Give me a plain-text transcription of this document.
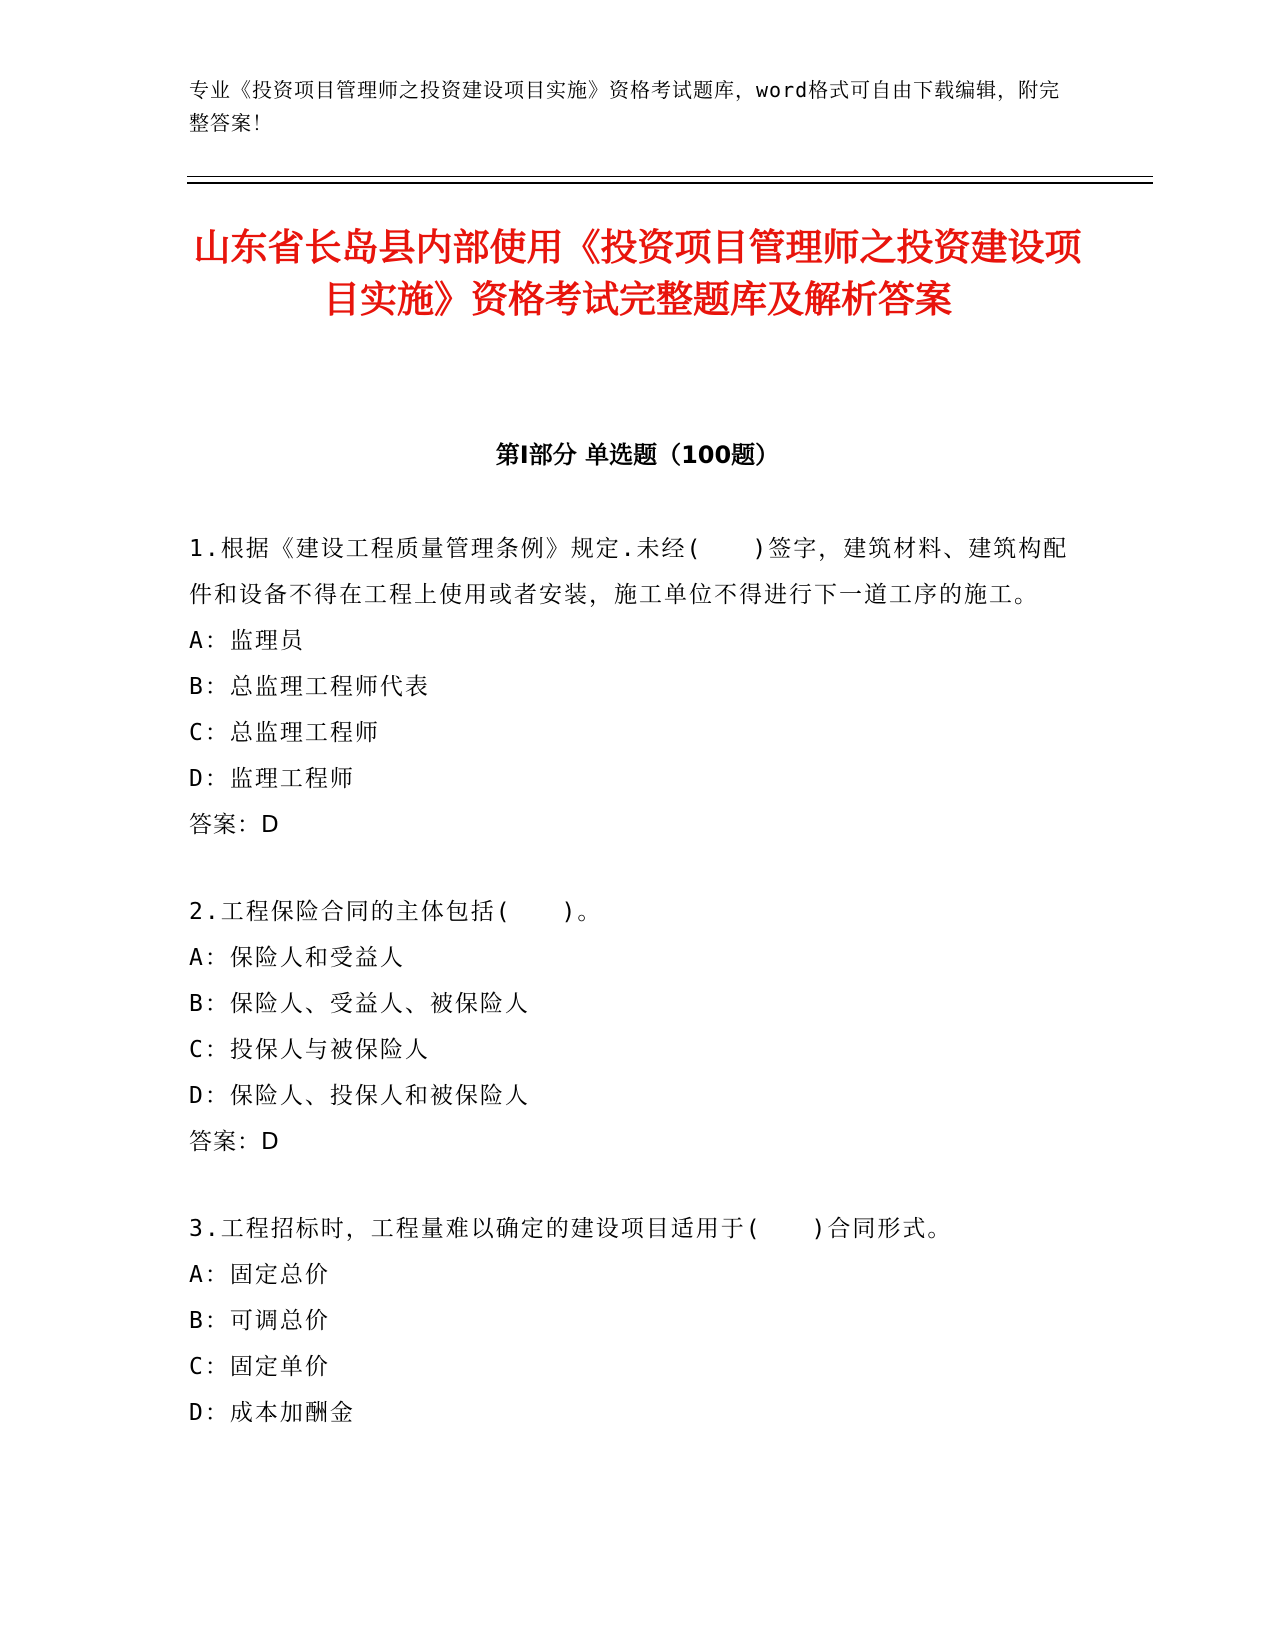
专业《投资项目管理师之投资建设项目实施》资格考试题库，word格式可自由下载编辑，附完整答案！
山东省长岛县内部使用《投资项目管理师之投资建设项目实施》资格考试完整题库及解析答案
第Ⅰ部分 单选题（100题）

1.根据《建设工程质量管理条例》规定.未经(　　)签字，建筑材料、建筑构配件和设备不得在工程上使用或者安装，施工单位不得进行下一道工序的施工。

A：监理员

B：总监理工程师代表

C：总监理工程师

D：监理工程师

答案：D

2.工程保险合同的主体包括(　　)。

A：保险人和受益人

B：保险人、受益人、被保险人

C：投保人与被保险人

D：保险人、投保人和被保险人

答案：D

3.工程招标时，工程量难以确定的建设项目适用于(　　)合同形式。

A：固定总价

B：可调总价

C：固定单价

D：成本加酬金
